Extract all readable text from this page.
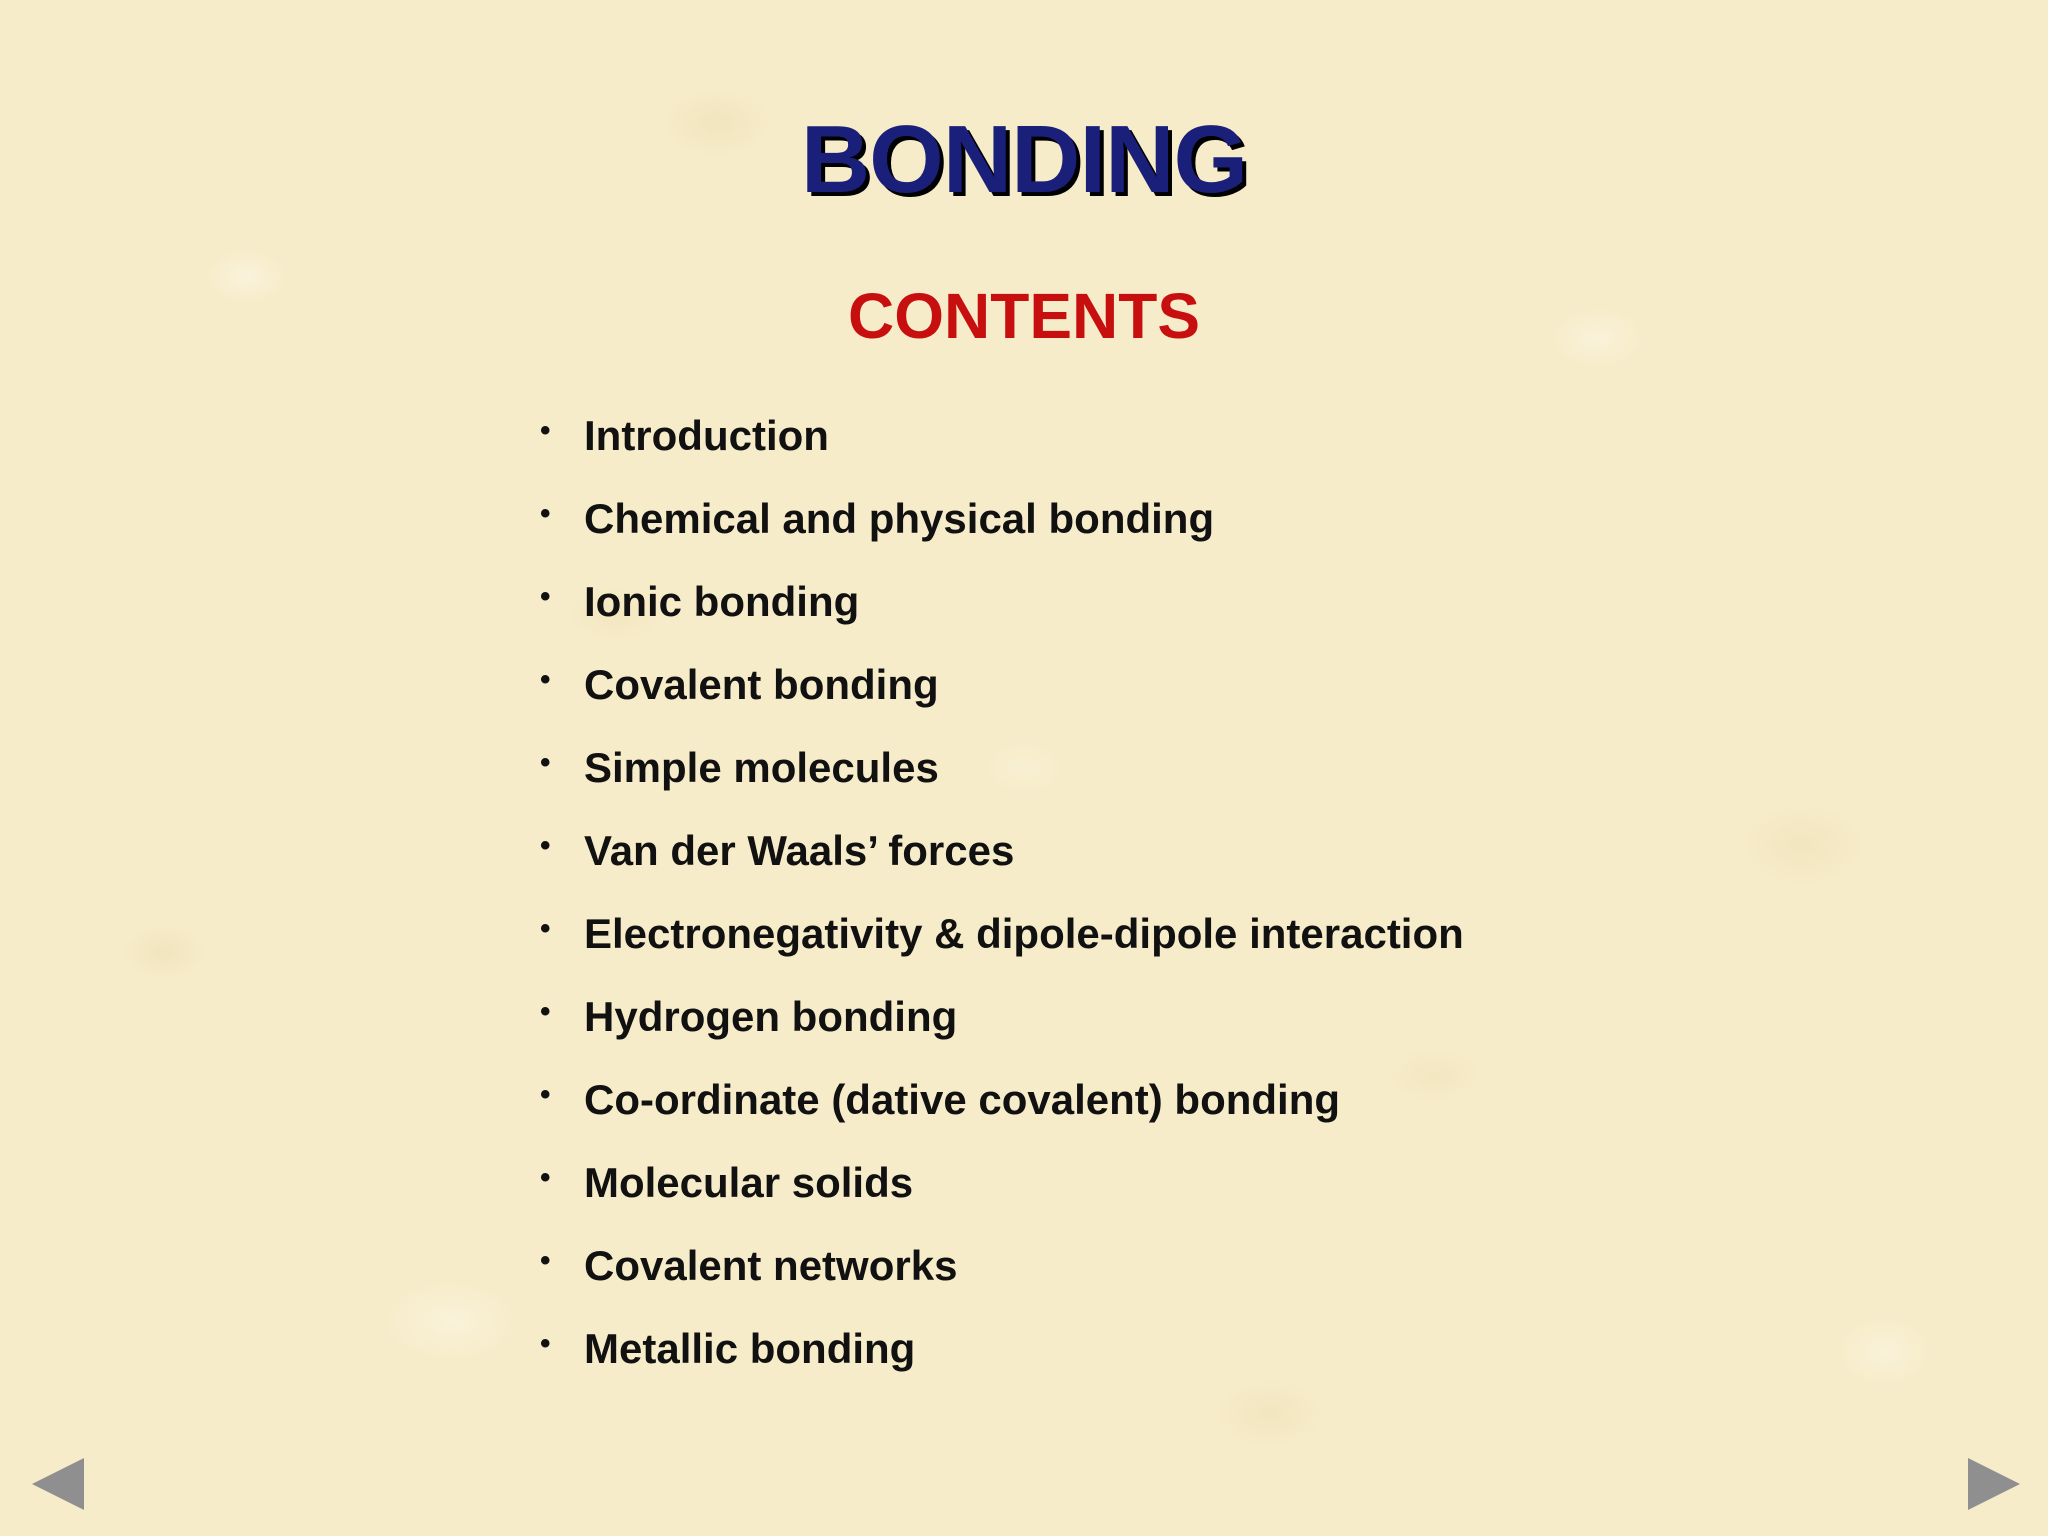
BONDING
CONTENTS
• Introduction
• Chemical and physical bonding
• Ionic bonding
• Covalent bonding
• Simple molecules
• Van der Waals’ forces
• Electronegativity & dipole-dipole interaction
• Hydrogen bonding
• Co-ordinate (dative covalent) bonding
• Molecular solids
• Covalent networks
• Metallic bonding
